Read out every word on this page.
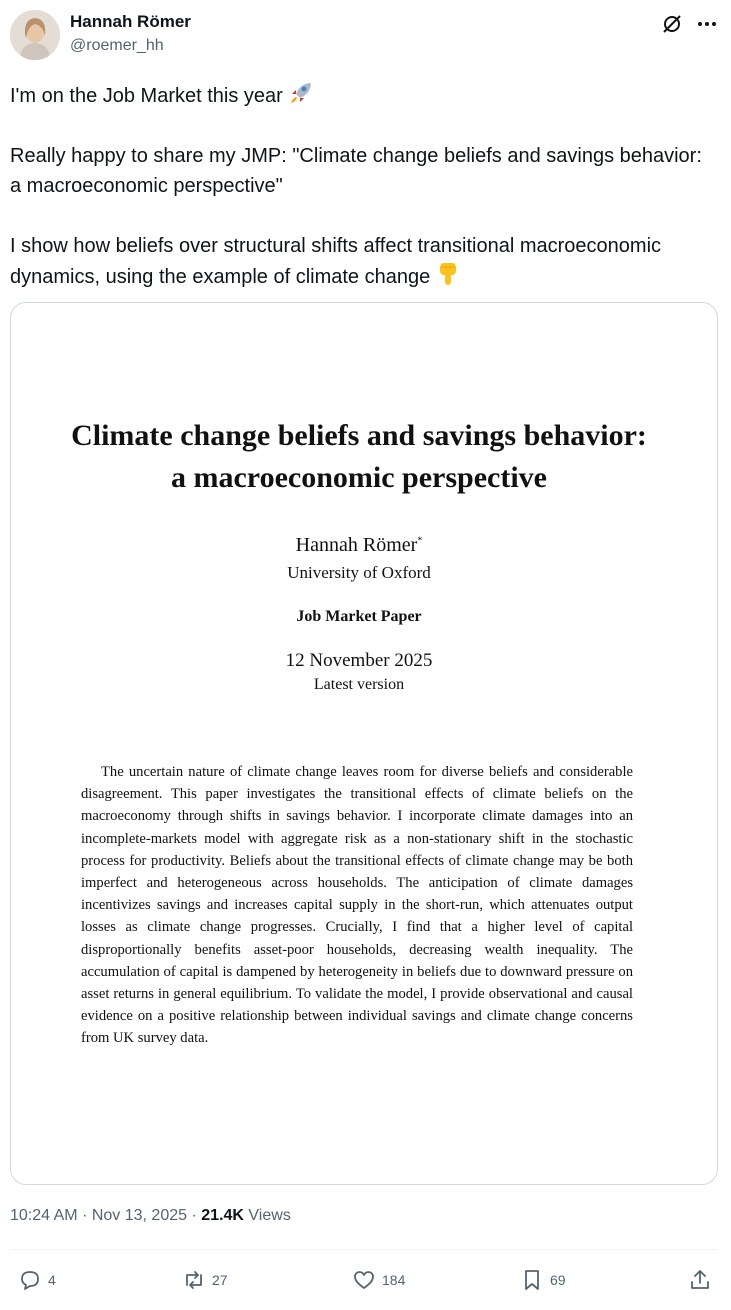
Hannah Römer
@roemer_hh

I'm on the Job Market this year

Really happy to share my JMP: "Climate change beliefs and savings behavior: a macroeconomic perspective"

I show how beliefs over structural shifts affect transitional macroeconomic dynamics, using the example of climate change

Climate change beliefs and savings behavior:
a macroeconomic perspective
Hannah Römer*
University of Oxford
Job Market Paper
12 November 2025
Latest version
The uncertain nature of climate change leaves room for diverse beliefs and considerable disagreement. This paper investigates the transitional effects of climate beliefs on the macroeconomy through shifts in savings behavior. I incorporate climate damages into an incomplete-markets model with aggregate risk as a non-stationary shift in the stochastic process for productivity. Beliefs about the transitional effects of climate change may be both imperfect and heterogeneous across households. The anticipation of climate damages incentivizes savings and increases capital supply in the short-run, which attenuates output losses as climate change progresses. Crucially, I find that a higher level of capital disproportionally benefits asset-poor households, decreasing wealth inequality. The accumulation of capital is dampened by heterogeneity in beliefs due to downward pressure on asset returns in general equilibrium. To validate the model, I provide observational and causal evidence on a positive relationship between individual savings and climate change concerns from UK survey data.
10:24 AM · Nov 13, 2025 · 21.4K Views
4	27	184	69
